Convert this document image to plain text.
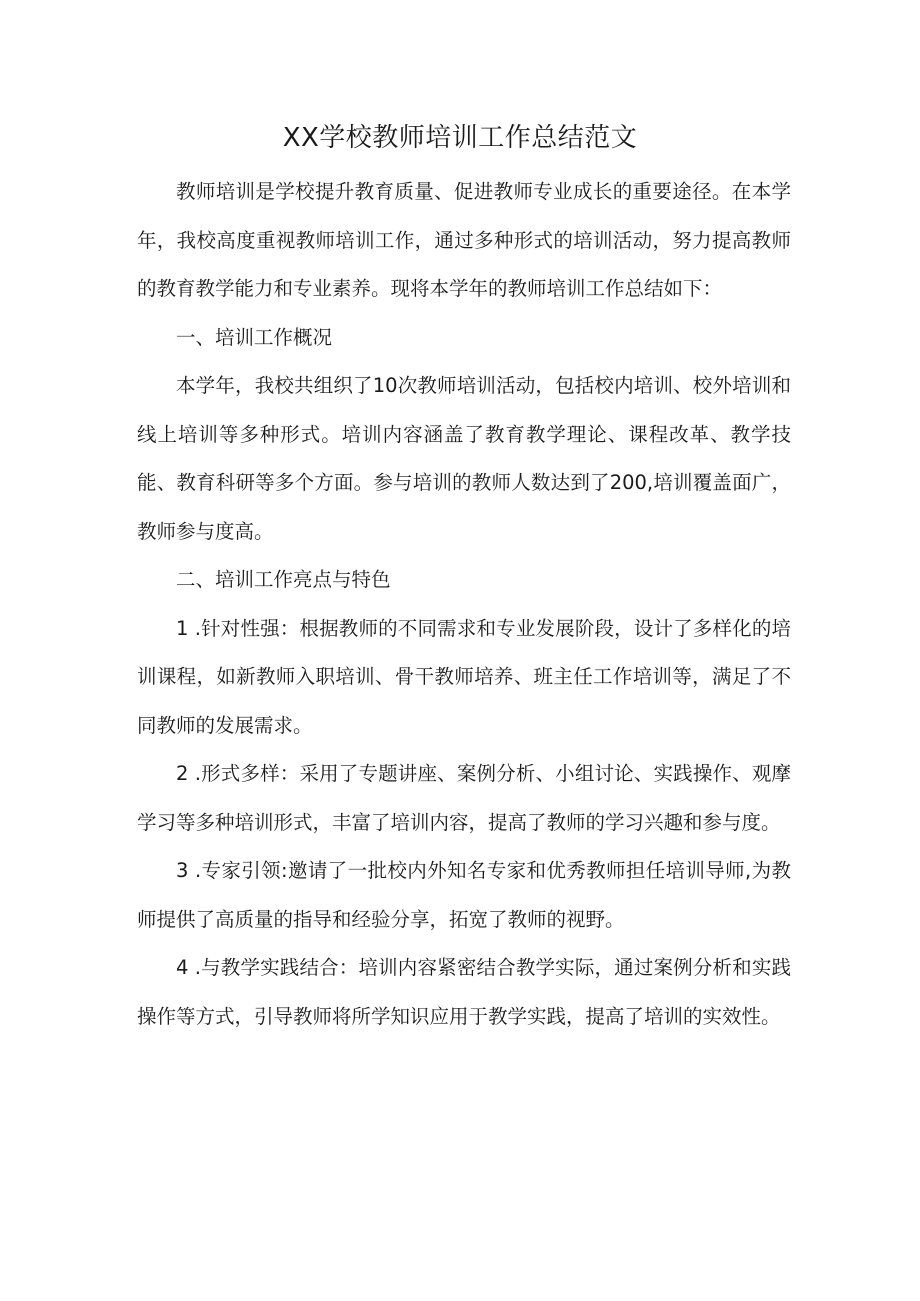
XX学校教师培训工作总结范文

教师培训是学校提升教育质量、促进教师专业成长的重要途径。在本学年，我校高度重视教师培训工作，通过多种形式的培训活动，努力提高教师的教育教学能力和专业素养。现将本学年的教师培训工作总结如下：

一、培训工作概况

本学年，我校共组织了10次教师培训活动，包括校内培训、校外培训和线上培训等多种形式。培训内容涵盖了教育教学理论、课程改革、教学技能、教育科研等多个方面。参与培训的教师人数达到了200,培训覆盖面广，教师参与度高。

二、培训工作亮点与特色

1 .针对性强：根据教师的不同需求和专业发展阶段，设计了多样化的培训课程，如新教师入职培训、骨干教师培养、班主任工作培训等，满足了不同教师的发展需求。

2 .形式多样：采用了专题讲座、案例分析、小组讨论、实践操作、观摩学习等多种培训形式，丰富了培训内容，提高了教师的学习兴趣和参与度。

3 .专家引领:邀请了一批校内外知名专家和优秀教师担任培训导师,为教师提供了高质量的指导和经验分享，拓宽了教师的视野。

4 .与教学实践结合：培训内容紧密结合教学实际，通过案例分析和实践操作等方式，引导教师将所学知识应用于教学实践，提高了培训的实效性。
